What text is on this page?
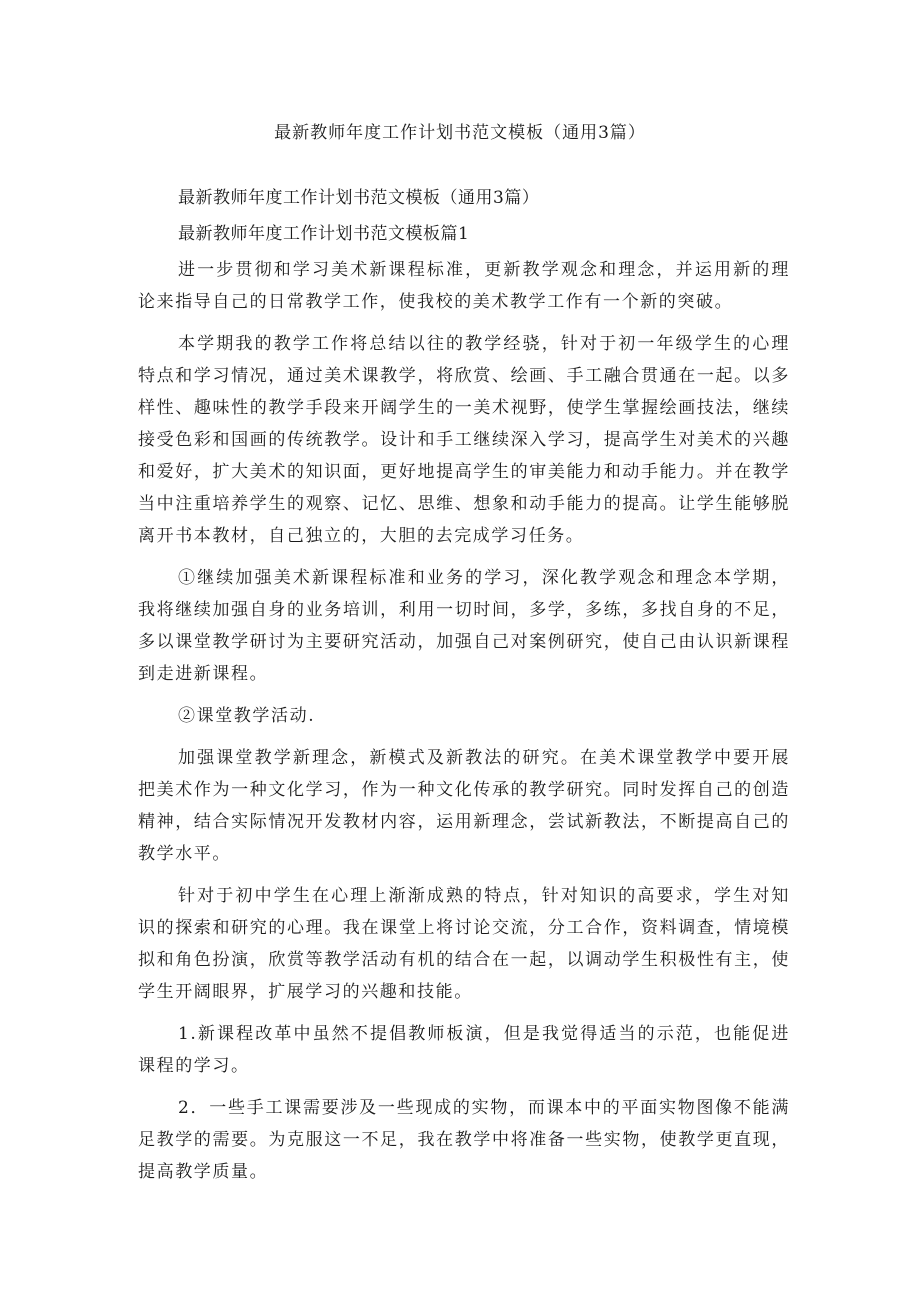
最新教师年度工作计划书范文模板（通用3篇）

最新教师年度工作计划书范文模板（通用3篇）

最新教师年度工作计划书范文模板篇1

进一步贯彻和学习美术新课程标准，更新教学观念和理念，并运用新的理论来指导自己的日常教学工作，使我校的美术教学工作有一个新的突破。

本学期我的教学工作将总结以往的教学经骁，针对于初一年级学生的心理特点和学习情况，通过美术课教学，将欣赏、绘画、手工融合贯通在一起。以多样性、趣味性的教学手段来开阔学生的一美术视野，使学生掌握绘画技法，继续接受色彩和国画的传统教学。设计和手工继续深入学习，提高学生对美术的兴趣和爱好，扩大美术的知识面，更好地提高学生的审美能力和动手能力。并在教学当中注重培养学生的观察、记忆、思维、想象和动手能力的提高。让学生能够脱离开书本教材，自己独立的，大胆的去完成学习任务。

①继续加强美术新课程标准和业务的学习，深化教学观念和理念本学期，我将继续加强自身的业务培训，利用一切时间，多学，多练，多找自身的不足，多以课堂教学研讨为主要研究活动，加强自己对案例研究，使自己由认识新课程到走进新课程。

②课堂教学活动.

加强课堂教学新理念，新模式及新教法的研究。在美术课堂教学中要开展把美术作为一种文化学习，作为一种文化传承的教学研究。同时发挥自己的创造精神，结合实际情况开发教材内容，运用新理念，尝试新教法，不断提高自己的教学水平。

针对于初中学生在心理上渐渐成熟的特点，针对知识的高要求，学生对知识的探索和研究的心理。我在课堂上将讨论交流，分工合作，资料调查，情境模拟和角色扮演，欣赏等教学活动有机的结合在一起，以调动学生积极性有主，使学生开阔眼界，扩展学习的兴趣和技能。

1.新课程改革中虽然不提倡教师板演，但是我觉得适当的示范，也能促进课程的学习。

2．一些手工课需要涉及一些现成的实物，而课本中的平面实物图像不能满足教学的需要。为克服这一不足，我在教学中将准备一些实物，使教学更直现，提高教学质量。
